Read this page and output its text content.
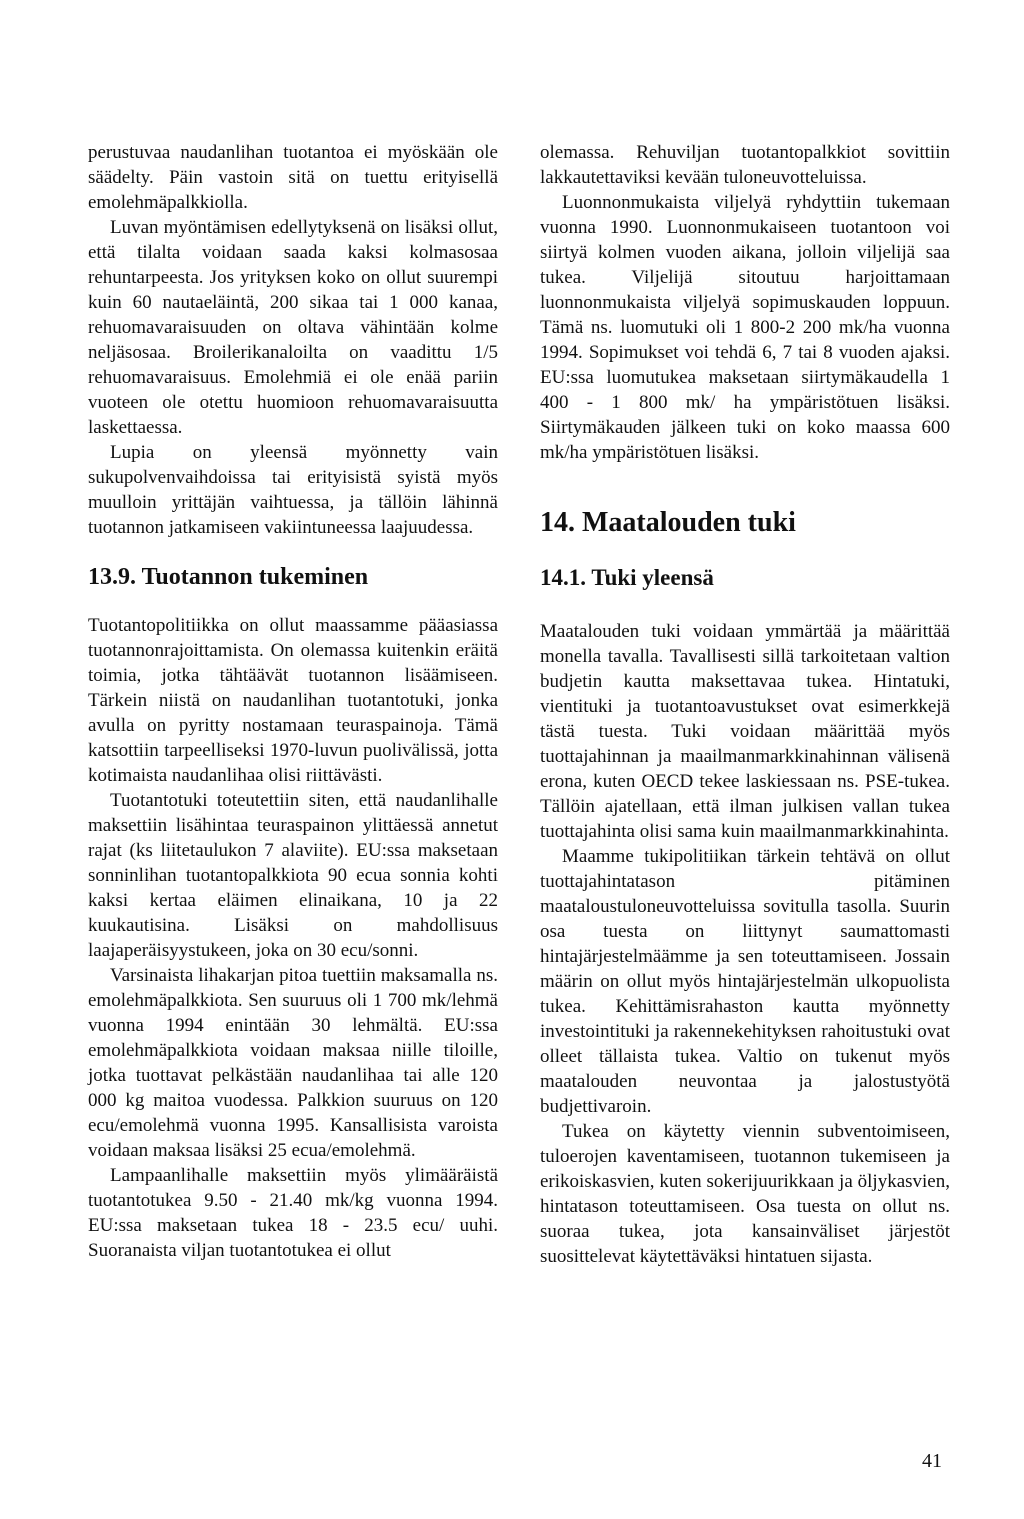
perustuvaa naudanlihan tuotantoa ei myöskään ole säädelty. Päin vastoin sitä on tuettu erityisellä emolehmäpalkkiolla.

Luvan myöntämisen edellytyksenä on lisäksi ollut, että tilalta voidaan saada kaksi kolmasosaa rehuntarpeesta. Jos yrityksen koko on ollut suurempi kuin 60 nautaeläintä, 200 sikaa tai 1 000 kanaa, rehuomavaraisuuden on oltava vähintään kolme neljäsosaa. Broilerikanaloilta on vaadittu 1/5 rehuomavaraisuus. Emolehmiä ei ole enää pariin vuoteen ole otettu huomioon rehuomavaraisuutta laskettaessa.

Lupia on yleensä myönnetty vain sukupolvenvaihdoissa tai erityisistä syistä myös muulloin yrittäjän vaihtuessa, ja tällöin lähinnä tuotannon jatkamiseen vakiintuneessa laajuudessa.

13.9. Tuotannon tukeminen

Tuotantopolitiikka on ollut maassamme pääasiassa tuotannonrajoittamista. On olemassa kuitenkin eräitä toimia, jotka tähtäävät tuotannon lisäämiseen. Tärkein niistä on naudanlihan tuotantotuki, jonka avulla on pyritty nostamaan teuraspainoja. Tämä katsottiin tarpeelliseksi 1970-luvun puolivälissä, jotta kotimaista naudanlihaa olisi riittävästi.

Tuotantotuki toteutettiin siten, että naudanlihalle maksettiin lisähintaa teuraspainon ylittäessä annetut rajat (ks liitetaulukon 7 alaviite). EU:ssa maksetaan sonninlihan tuotantopalkkiota 90 ecua sonnia kohti kaksi kertaa eläimen elinaikana, 10 ja 22 kuukautisina. Lisäksi on mahdollisuus laajaperäisyystukeen, joka on 30 ecu/sonni.

Varsinaista lihakarjan pitoa tuettiin maksamalla ns. emolehmäpalkkiota. Sen suuruus oli 1 700 mk/lehmä vuonna 1994 enintään 30 lehmältä. EU:ssa emolehmäpalkkiota voidaan maksaa niille tiloille, jotka tuottavat pelkästään naudanlihaa tai alle 120 000 kg maitoa vuodessa. Palkkion suuruus on 120 ecu/emolehmä vuonna 1995. Kansallisista varoista voidaan maksaa lisäksi 25 ecua/emolehmä.

Lampaanlihalle maksettiin myös ylimääräistä tuotantotukea 9.50 - 21.40 mk/kg vuonna 1994. EU:ssa maksetaan tukea 18 - 23.5 ecu/ uuhi. Suoranaista viljan tuotantotukea ei ollut

olemassa. Rehuviljan tuotantopalkkiot sovittiin lakkautettaviksi kevään tuloneuvotteluissa.

Luonnonmukaista viljelyä ryhdyttiin tukemaan vuonna 1990. Luonnonmukaiseen tuotantoon voi siirtyä kolmen vuoden aikana, jolloin viljelijä saa tukea. Viljelijä sitoutuu harjoittamaan luonnonmukaista viljelyä sopimuskauden loppuun. Tämä ns. luomutuki oli 1 800-2 200 mk/ha vuonna 1994. Sopimukset voi tehdä 6, 7 tai 8 vuoden ajaksi. EU:ssa luomutukea maksetaan siirtymäkaudella 1 400 - 1 800 mk/ ha ympäristötuen lisäksi. Siirtymäkauden jälkeen tuki on koko maassa 600 mk/ha ympäristötuen lisäksi.

14. Maatalouden tuki
14.1. Tuki yleensä

Maatalouden tuki voidaan ymmärtää ja määrittää monella tavalla. Tavallisesti sillä tarkoitetaan valtion budjetin kautta maksettavaa tukea. Hintatuki, vientituki ja tuotantoavustukset ovat esimerkkejä tästä tuesta. Tuki voidaan määrittää myös tuottajahinnan ja maailmanmarkkinahinnan välisenä erona, kuten OECD tekee laskiessaan ns. PSE-tukea. Tällöin ajatellaan, että ilman julkisen vallan tukea tuottajahinta olisi sama kuin maailmanmarkkinahinta.

Maamme tukipolitiikan tärkein tehtävä on ollut tuottajahintatason pitäminen maataloustuloneuvotteluissa sovitulla tasolla. Suurin osa tuesta on liittynyt saumattomasti hintajärjestelmäämme ja sen toteuttamiseen. Jossain määrin on ollut myös hintajärjestelmän ulkopuolista tukea. Kehittämisrahaston kautta myönnetty investointituki ja rakennekehityksen rahoitustuki ovat olleet tällaista tukea. Valtio on tukenut myös maatalouden neuvontaa ja jalostustyötä budjettivaroin.

Tukea on käytetty viennin subventoimiseen, tuloerojen kaventamiseen, tuotannon tukemiseen ja erikoiskasvien, kuten sokerijuurikkaan ja öljykasvien, hintatason toteuttamiseen. Osa tuesta on ollut ns. suoraa tukea, jota kansainväliset järjestöt suosittelevat käytettäväksi hintatuen sijasta.

41
